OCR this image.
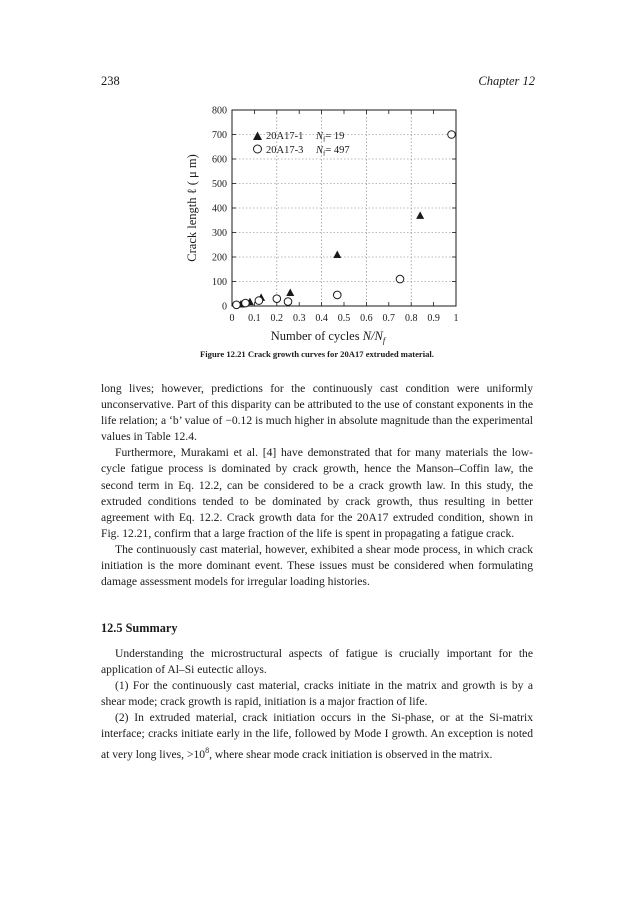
238	Chapter 12
0 0.1 0.2 0.3 0.4 0.5 0.6 0.7 0.8 0.9 1
0
100
200
300
400
500
600
700
800
20A17-1 $N_f= 19$
20A17-3 $N_f= 497$
Number of cycles $N/N_f$
Crack length ℓ ( μ m)
Figure 12.21 Crack growth curves for 20A17 extruded material.

long lives; however, predictions for the continuously cast condition were uniformly unconservative. Part of this disparity can be attributed to the use of constant exponents in the life relation; a ‘b’ value of −0.12 is much higher in absolute magnitude than the experimental values in Table 12.4.

Furthermore, Murakami et al. [4] have demonstrated that for many materials the low-cycle fatigue process is dominated by crack growth, hence the Manson–Coffin law, the second term in Eq. 12.2, can be considered to be a crack growth law. In this study, the extruded conditions tended to be dominated by crack growth, thus resulting in better agreement with Eq. 12.2. Crack growth data for the 20A17 extruded condition, shown in Fig. 12.21, confirm that a large fraction of the life is spent in propagating a fatigue crack.

The continuously cast material, however, exhibited a shear mode process, in which crack initiation is the more dominant event. These issues must be considered when formulating damage assessment models for irregular loading histories.

12.5 Summary

Understanding the microstructural aspects of fatigue is crucially important for the application of Al–Si eutectic alloys.

(1) For the continuously cast material, cracks initiate in the matrix and growth is by a shear mode; crack growth is rapid, initiation is a major fraction of life.

(2) In extruded material, crack initiation occurs in the Si-phase, or at the Si-matrix interface; cracks initiate early in the life, followed by Mode I growth. An exception is noted at very long lives, $>10^8$, where shear mode crack initiation is observed in the matrix.
